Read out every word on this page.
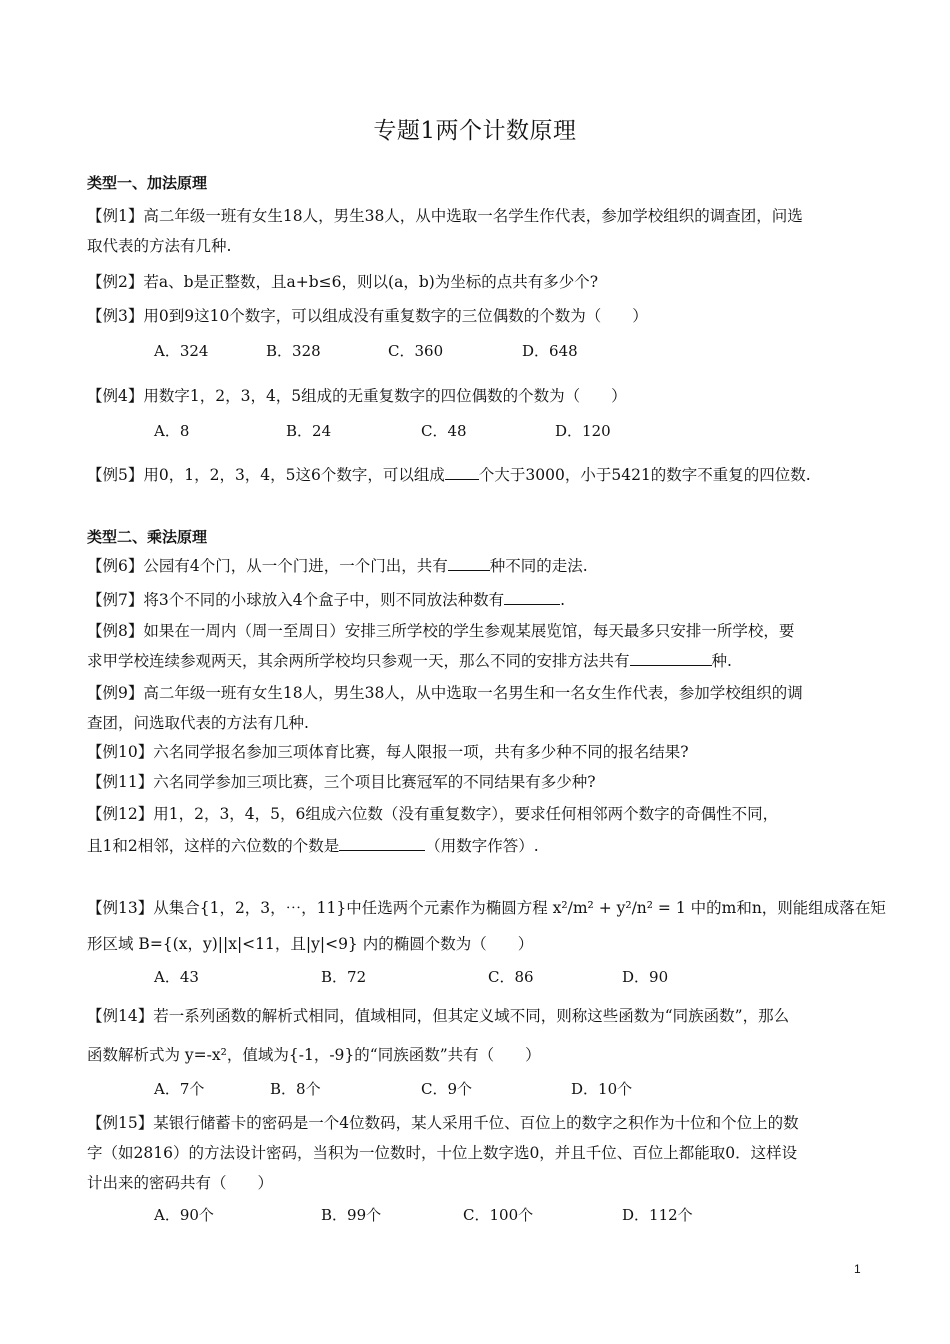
专题1两个计数原理
类型一、加法原理
【例1】高二年级一班有女生18人，男生38人，从中选取一名学生作代表，参加学校组织的调查团，问选
取代表的方法有几种.
【例2】若a、b是正整数，且a+b≤6，则以(a，b)为坐标的点共有多少个?
【例3】用0到9这10个数字，可以组成没有重复数字的三位偶数的个数为（　　）
A．324	B．328	C．360	D．648
【例4】用数字1，2，3，4，5组成的无重复数字的四位偶数的个数为（　　）
A．8	B．24	C．48	D．120
【例5】用0，1，2，3，4，5这6个数字，可以组成 个大于3000，小于5421的数字不重复的四位数.
类型二、乘法原理
【例6】公园有4个门，从一个门进，一个门出，共有	种不同的走法.
【例7】将3个不同的小球放入4个盒子中，则不同放法种数有	.
【例8】如果在一周内（周一至周日）安排三所学校的学生参观某展览馆，每天最多只安排一所学校，要
求甲学校连续参观两天，其余两所学校均只参观一天，那么不同的安排方法共有	种.
【例9】高二年级一班有女生18人，男生38人，从中选取一名男生和一名女生作代表，参加学校组织的调
查团，问选取代表的方法有几种.
【例10】六名同学报名参加三项体育比赛，每人限报一项，共有多少种不同的报名结果?
【例11】六名同学参加三项比赛，三个项目比赛冠军的不同结果有多少种?
【例12】用1，2，3，4，5，6组成六位数（没有重复数字），要求任何相邻两个数字的奇偶性不同，
且1和2相邻，这样的六位数的个数是	（用数字作答）.
【例13】从集合{1，2，3，⋯，11}中任选两个元素作为椭圆方程 x²/m² + y²/n² = 1 中的m和n，则能组成落在矩
形区域 B={(x，y)||x|<11，且|y|<9} 内的椭圆个数为（　　）
A．43	B．72	C．86	D．90
【例14】若一系列函数的解析式相同，值域相同，但其定义域不同，则称这些函数为“同族函数”，那么
函数解析式为 y=-x²，值域为{-1，-9}的“同族函数”共有（　　）
A．7个	B．8个	C．9个	D．10个
【例15】某银行储蓄卡的密码是一个4位数码，某人采用千位、百位上的数字之积作为十位和个位上的数
字（如2816）的方法设计密码，当积为一位数时，十位上数字选0，并且千位、百位上都能取0．这样设
计出来的密码共有（　　）
A．90个	B．99个	C．100个	D．112个
1
